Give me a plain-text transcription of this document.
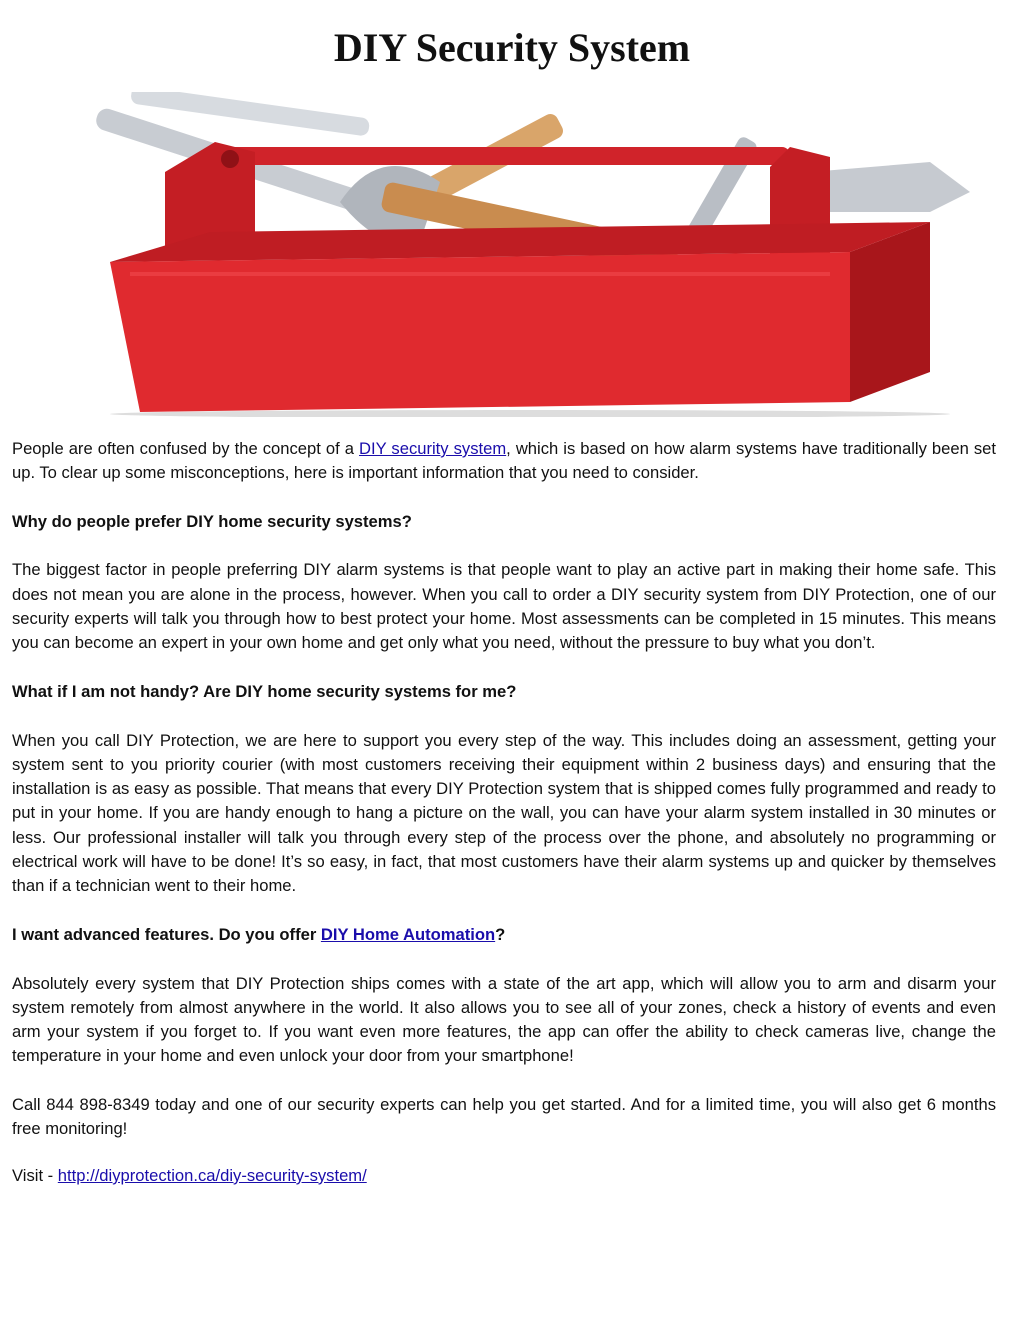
DIY Security System

People are often confused by the concept of a DIY security system, which is based on how alarm systems have traditionally been set up. To clear up some misconceptions, here is important information that you need to consider.

Why do people prefer DIY home security systems?

The biggest factor in people preferring DIY alarm systems is that people want to play an active part in making their home safe. This does not mean you are alone in the process, however. When you call to order a DIY security system from DIY Protection, one of our security experts will talk you through how to best protect your home. Most assessments can be completed in 15 minutes. This means you can become an expert in your own home and get only what you need, without the pressure to buy what you don’t.

What if I am not handy? Are DIY home security systems for me?

When you call DIY Protection, we are here to support you every step of the way. This includes doing an assessment, getting your system sent to you priority courier (with most customers receiving their equipment within 2 business days) and ensuring that the installation is as easy as possible. That means that every DIY Protection system that is shipped comes fully programmed and ready to put in your home. If you are handy enough to hang a picture on the wall, you can have your alarm system installed in 30 minutes or less. Our professional installer will talk you through every step of the process over the phone, and absolutely no programming or electrical work will have to be done! It’s so easy, in fact, that most customers have their alarm systems up and quicker by themselves than if a technician went to their home.

I want advanced features. Do you offer DIY Home Automation?

Absolutely every system that DIY Protection ships comes with a state of the art app, which will allow you to arm and disarm your system remotely from almost anywhere in the world. It also allows you to see all of your zones, check a history of events and even arm your system if you forget to. If you want even more features, the app can offer the ability to check cameras live, change the temperature in your home and even unlock your door from your smartphone!

Call 844 898-8349 today and one of our security experts can help you get started. And for a limited time, you will also get 6 months free monitoring!

Visit - http://diyprotection.ca/diy-security-system/
